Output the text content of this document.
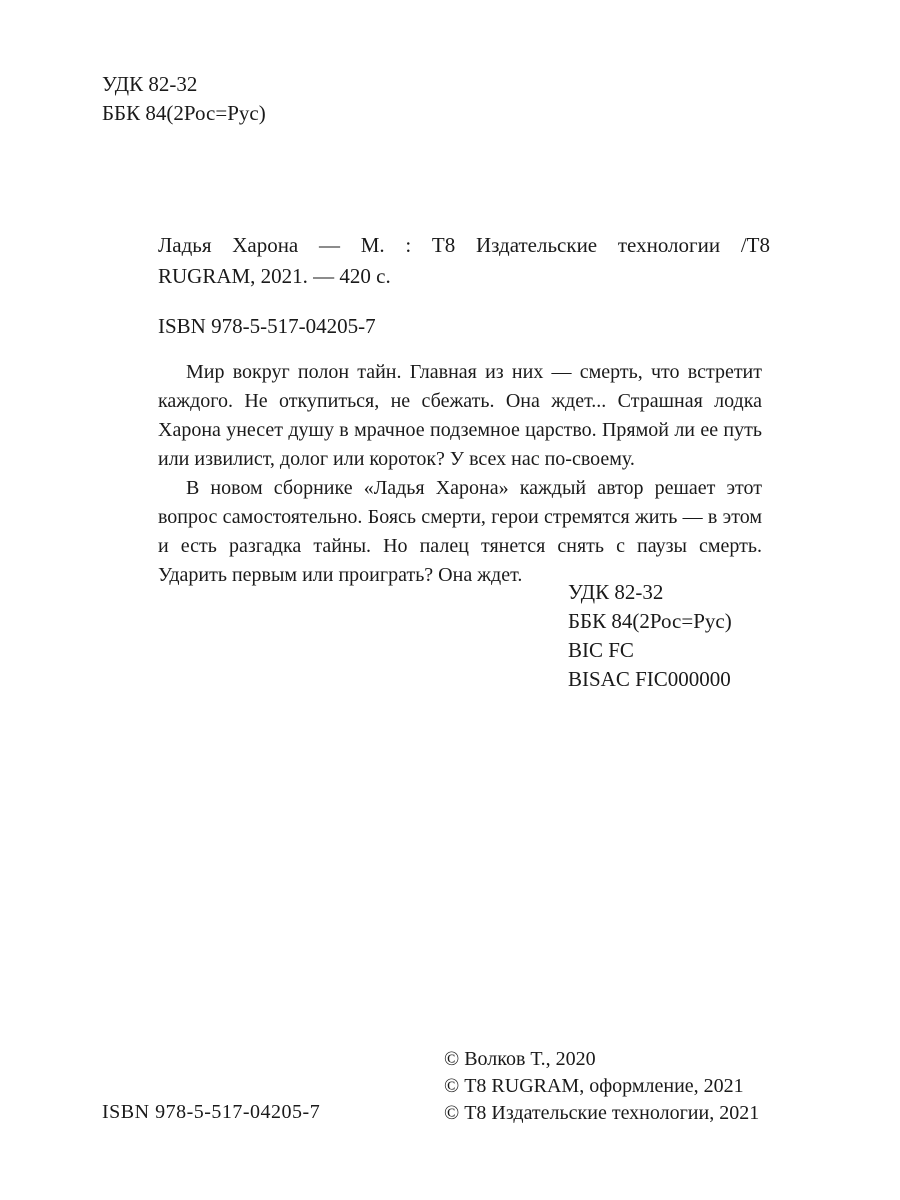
УДК 82-32
ББК 84(2Рос=Рус)
Ладья Харона — М. : Т8 Издательские технологии /Т8
RUGRAM, 2021. — 420 с.
ISBN 978-5-517-04205-7

Мир вокруг полон тайн. Главная из них — смерть, что встретит каждого. Не откупиться, не сбежать. Она ждет... Страшная лодка Харона унесет душу в мрачное подземное царство. Прямой ли ее путь или извилист, долог или короток? У всех нас по-своему.

В новом сборнике «Ладья Харона» каждый автор решает этот вопрос самостоятельно. Боясь смерти, герои стремятся жить — в этом и есть разгадка тайны. Но палец тянется снять с паузы смерть. Ударить первым или проиграть? Она ждет.

УДК 82-32
ББК 84(2Рос=Рус)
BIC FC
BISAC FIC000000
© Волков Т., 2020
© Т8 RUGRAM, оформление, 2021
© Т8 Издательские технологии, 2021
ISBN 978-5-517-04205-7
